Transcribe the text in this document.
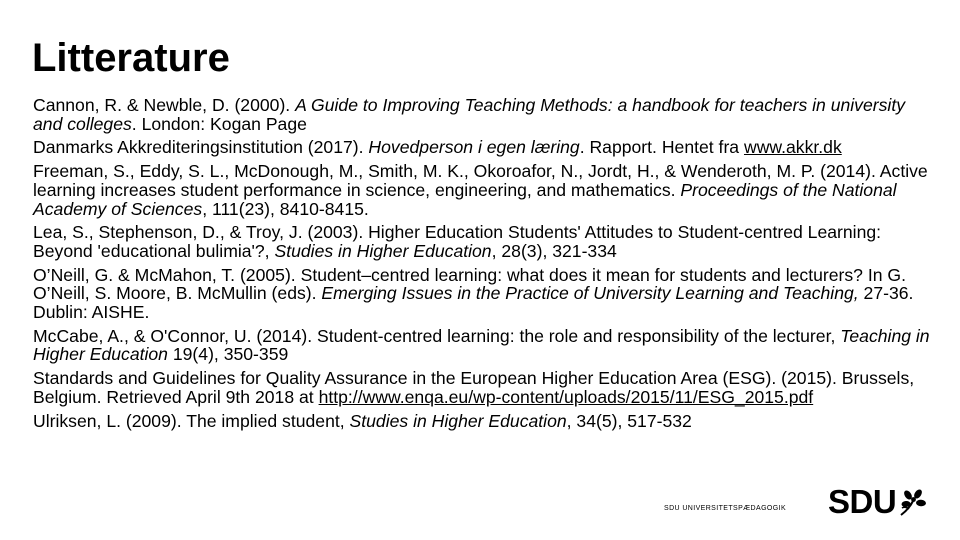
Litterature

Cannon, R. & Newble, D. (2000). A Guide to Improving Teaching Methods: a handbook for teachers in university and colleges. London: Kogan Page

Danmarks Akkrediteringsinstitution (2017). Hovedperson i egen læring. Rapport. Hentet fra www.akkr.dk

Freeman, S., Eddy, S. L., McDonough, M., Smith, M. K., Okoroafor, N., Jordt, H., & Wenderoth, M. P. (2014). Active learning increases student performance in science, engineering, and mathematics. Proceedings of the National Academy of Sciences, 111(23), 8410-8415.

Lea, S., Stephenson, D., & Troy, J. (2003). Higher Education Students' Attitudes to Student-centred Learning: Beyond 'educational bulimia'?, Studies in Higher Education, 28(3), 321-334

O’Neill, G. & McMahon, T. (2005). Student–centred learning: what does it mean for students and lecturers? In G. O’Neill, S. Moore, B. McMullin (eds). Emerging Issues in the Practice of University Learning and Teaching, 27-36. Dublin: AISHE.

McCabe, A., & O'Connor, U. (2014). Student-centred learning: the role and responsibility of the lecturer, Teaching in Higher Education 19(4), 350-359

Standards and Guidelines for Quality Assurance in the European Higher Education Area (ESG). (2015). Brussels, Belgium. Retrieved April 9th 2018 at http://www.enqa.eu/wp-content/uploads/2015/11/ESG_2015.pdf

Ulriksen, L. (2009). The implied student, Studies in Higher Education, 34(5), 517-532

SDU UNIVERSITETSPÆDAGOGIK SDU
